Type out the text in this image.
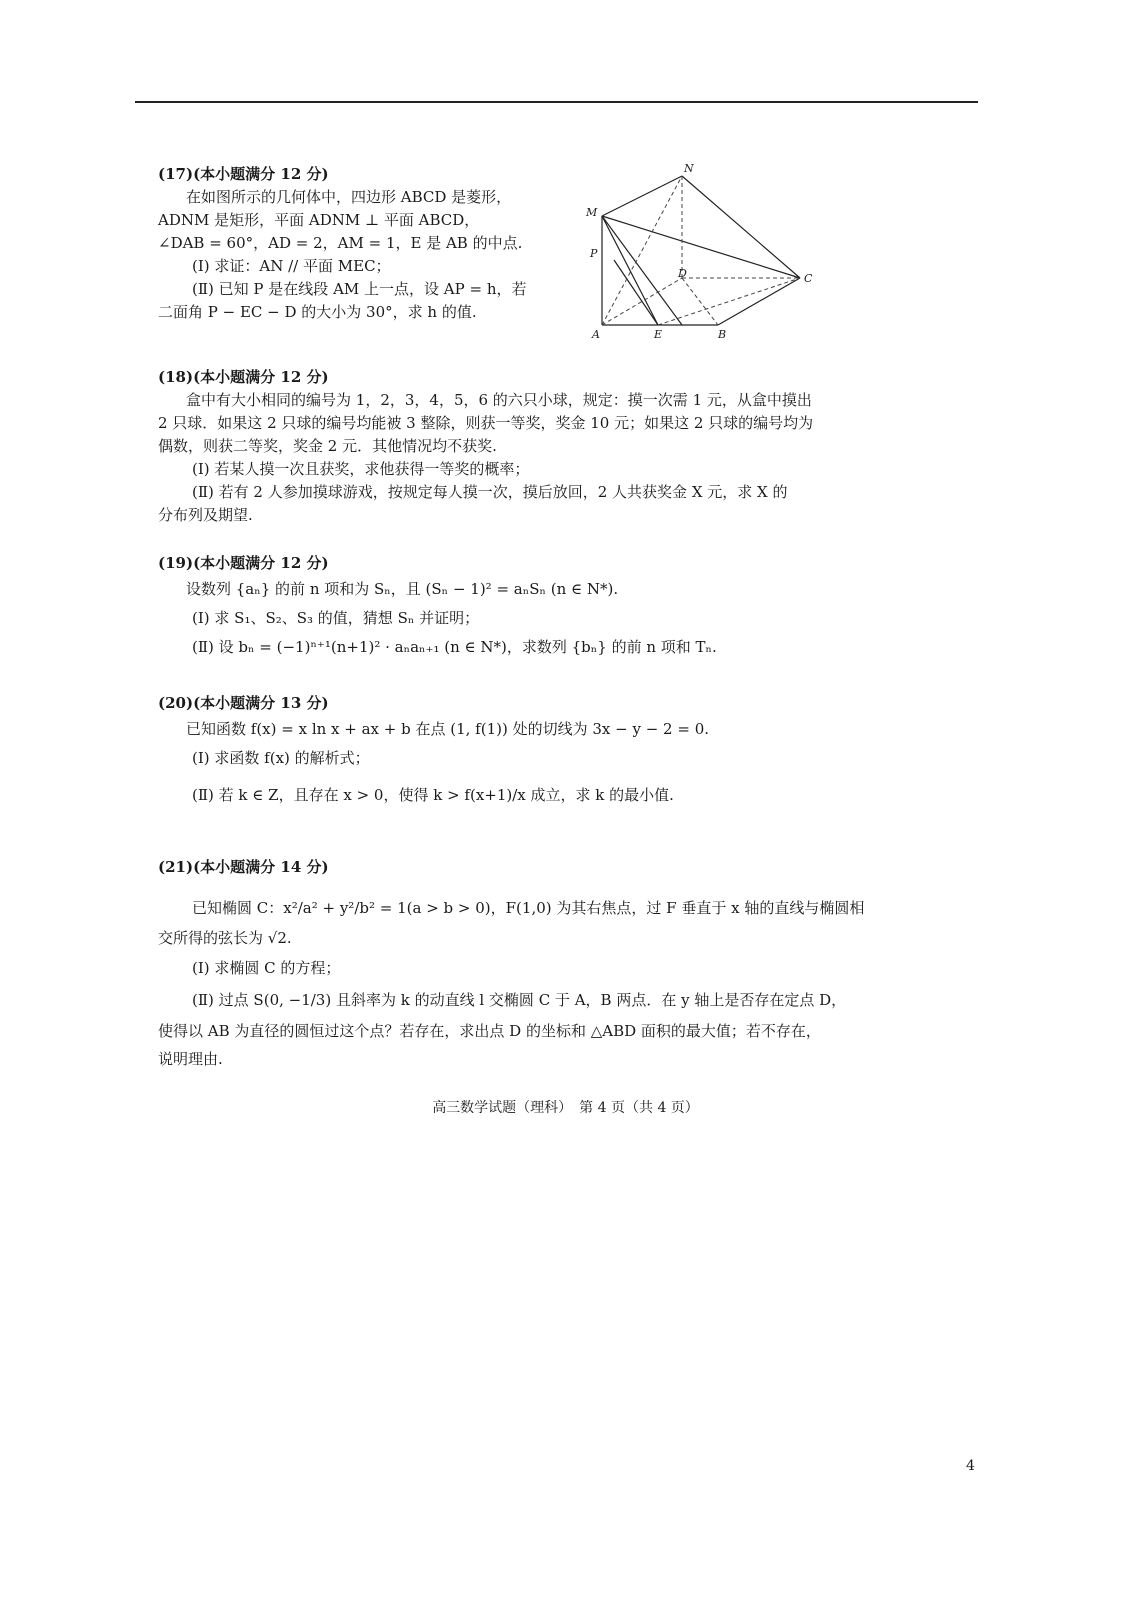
(17)(本小题满分 12 分)

在如图所示的几何体中，四边形 ABCD 是菱形，

ADNM 是矩形，平面 ADNM ⊥ 平面 ABCD，

∠DAB = 60°，AD = 2，AM = 1，E 是 AB 的中点.

(Ⅰ) 求证：AN // 平面 MEC；

(Ⅱ) 已知 P 是在线段 AM 上一点，设 AP = h，若

二面角 P − EC − D 的大小为 30°，求 h 的值.

N
M
P
D	C
A	E	B

(18)(本小题满分 12 分)

盒中有大小相同的编号为 1，2，3，4，5，6 的六只小球，规定：摸一次需 1 元，从盒中摸出

2 只球．如果这 2 只球的编号均能被 3 整除，则获一等奖，奖金 10 元；如果这 2 只球的编号均为

偶数，则获二等奖，奖金 2 元．其他情况均不获奖.

(Ⅰ) 若某人摸一次且获奖，求他获得一等奖的概率；

(Ⅱ) 若有 2 人参加摸球游戏，按规定每人摸一次，摸后放回，2 人共获奖金 X 元，求 X 的

分布列及期望.

(19)(本小题满分 12 分)

设数列 {aₙ} 的前 n 项和为 Sₙ，且 (Sₙ − 1)² = aₙSₙ (n ∈ N*).

(Ⅰ) 求 S₁、S₂、S₃ 的值，猜想 Sₙ 并证明；

(Ⅱ) 设 bₙ = (−1)ⁿ⁺¹(n+1)² · aₙaₙ₊₁ (n ∈ N*)，求数列 {bₙ} 的前 n 项和 Tₙ.

(20)(本小题满分 13 分)

已知函数 f(x) = x ln x + ax + b 在点 (1, f(1)) 处的切线为 3x − y − 2 = 0.

(Ⅰ) 求函数 f(x) 的解析式；

(Ⅱ) 若 k ∈ Z，且存在 x > 0，使得 k > f(x+1)/x 成立，求 k 的最小值.

(21)(本小题满分 14 分)

已知椭圆 C：x²/a² + y²/b² = 1(a > b > 0)，F(1,0) 为其右焦点，过 F 垂直于 x 轴的直线与椭圆相

交所得的弦长为 √2.

(Ⅰ) 求椭圆 C 的方程；

(Ⅱ) 过点 S(0, −1/3) 且斜率为 k 的动直线 l 交椭圆 C 于 A，B 两点．在 y 轴上是否存在定点 D，

使得以 AB 为直径的圆恒过这个点？若存在，求出点 D 的坐标和 △ABD 面积的最大值；若不存在，

说明理由.

高三数学试题（理科）　第 4 页（共 4 页）
4
